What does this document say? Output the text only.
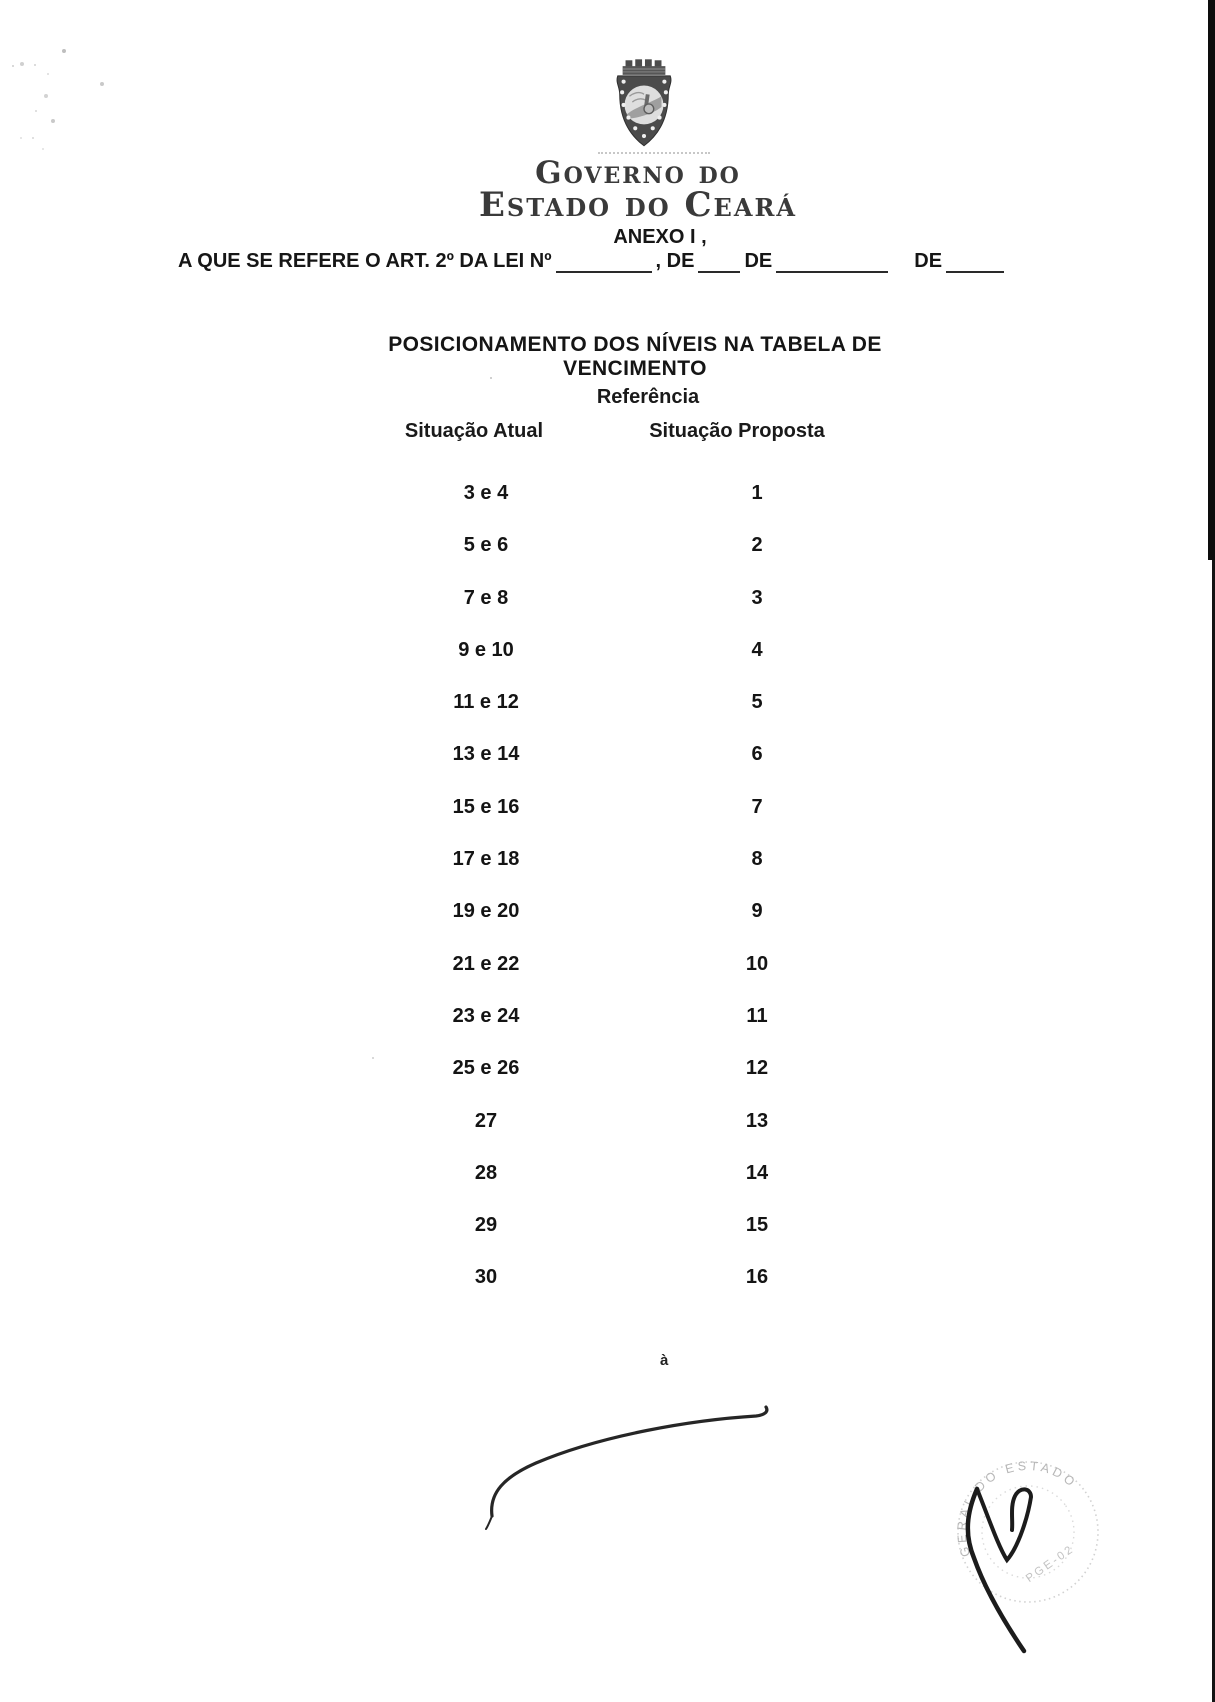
Governo do
Estado do Ceará
ANEXO I ,
A QUE SE REFERE O ART. 2º DA LEI Nº	, DE	DE	DE
POSICIONAMENTO DOS NÍVEIS NA TABELA DE VENCIMENTO
Referência
Situação Atual	Situação Proposta
3 e 4	1
5 e 6	2
7 e 8	3
9 e 10	4
11 e 12	5
13 e 14	6
15 e 16	7
17 e 18	8
19 e 20	9
21 e 22	10
23 e 24	11
25 e 26	12
27	13
28	14
29	15
30	16
à
GERAL DO ESTADO
PGE-02
